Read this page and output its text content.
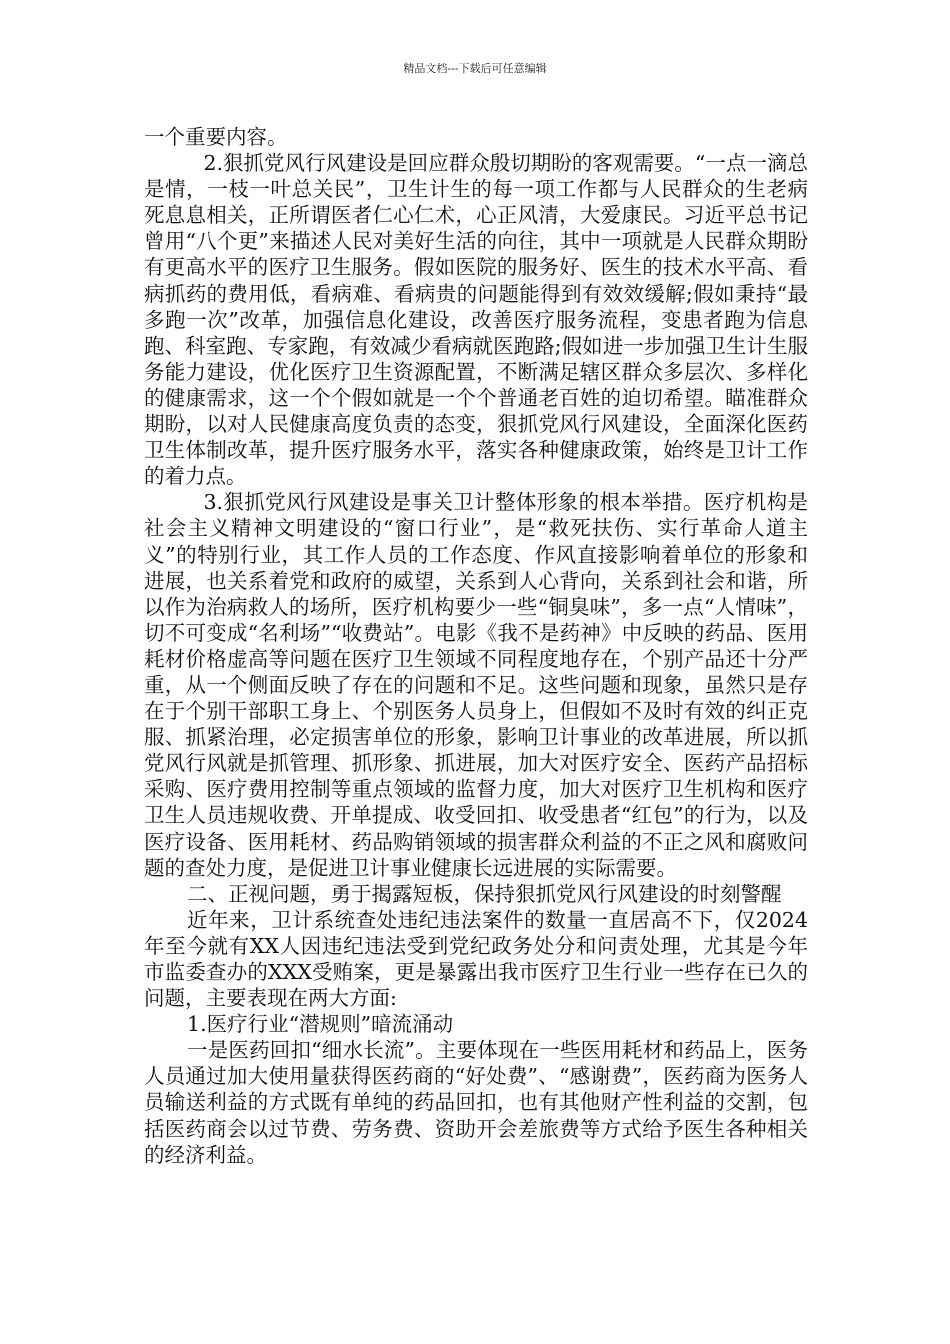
精品文档---下载后可任意编辑

一个重要内容。

2.狠抓党风行风建设是回应群众殷切期盼的客观需要。“一点一滴总是情，一枝一叶总关民”，卫生计生的每一项工作都与人民群众的生老病死息息相关，正所谓医者仁心仁术，心正风清，大爱康民。习近平总书记曾用“八个更”来描述人民对美好生活的向往，其中一项就是人民群众期盼有更高水平的医疗卫生服务。假如医院的服务好、医生的技术水平高、看病抓药的费用低，看病难、看病贵的问题能得到有效效缓解;假如秉持“最多跑一次”改革，加强信息化建设，改善医疗服务流程，变患者跑为信息跑、科室跑、专家跑，有效减少看病就医跑路;假如进一步加强卫生计生服务能力建设，优化医疗卫生资源配置，不断满足辖区群众多层次、多样化的健康需求，这一个个假如就是一个个普通老百姓的迫切希望。瞄准群众期盼，以对人民健康高度负责的态变，狠抓党风行风建设，全面深化医药卫生体制改革，提升医疗服务水平，落实各种健康政策，始终是卫计工作的着力点。

3.狠抓党风行风建设是事关卫计整体形象的根本举措。医疗机构是社会主义精神文明建设的“窗口行业”，是“救死扶伤、实行革命人道主义”的特别行业，其工作人员的工作态度、作风直接影响着单位的形象和进展，也关系着党和政府的威望，关系到人心背向，关系到社会和谐，所以作为治病救人的场所，医疗机构要少一些“铜臭味”，多一点“人情味”，切不可变成“名利场”“收费站”。电影《我不是药神》中反映的药品、医用耗材价格虚高等问题在医疗卫生领域不同程度地存在，个别产品还十分严重，从一个侧面反映了存在的问题和不足。这些问题和现象，虽然只是存在于个别干部职工身上、个别医务人员身上，但假如不及时有效的纠正克服、抓紧治理，必定损害单位的形象，影响卫计事业的改革进展，所以抓党风行风就是抓管理、抓形象、抓进展，加大对医疗安全、医药产品招标采购、医疗费用控制等重点领域的监督力度，加大对医疗卫生机构和医疗卫生人员违规收费、开单提成、收受回扣、收受患者“红包”的行为，以及医疗设备、医用耗材、药品购销领域的损害群众利益的不正之风和腐败问题的查处力度，是促进卫计事业健康长远进展的实际需要。

二、正视问题，勇于揭露短板，保持狠抓党风行风建设的时刻警醒

近年来，卫计系统查处违纪违法案件的数量一直居高不下，仅2024年至今就有XX人因违纪违法受到党纪政务处分和问责处理，尤其是今年市监委查办的XXX受贿案，更是暴露出我市医疗卫生行业一些存在已久的问题，主要表现在两大方面:

1.医疗行业“潜规则”暗流涌动

一是医药回扣“细水长流”。主要体现在一些医用耗材和药品上，医务人员通过加大使用量获得医药商的“好处费”、“感谢费”，医药商为医务人员输送利益的方式既有单纯的药品回扣，也有其他财产性利益的交割，包括医药商会以过节费、劳务费、资助开会差旅费等方式给予医生各种相关的经济利益。
